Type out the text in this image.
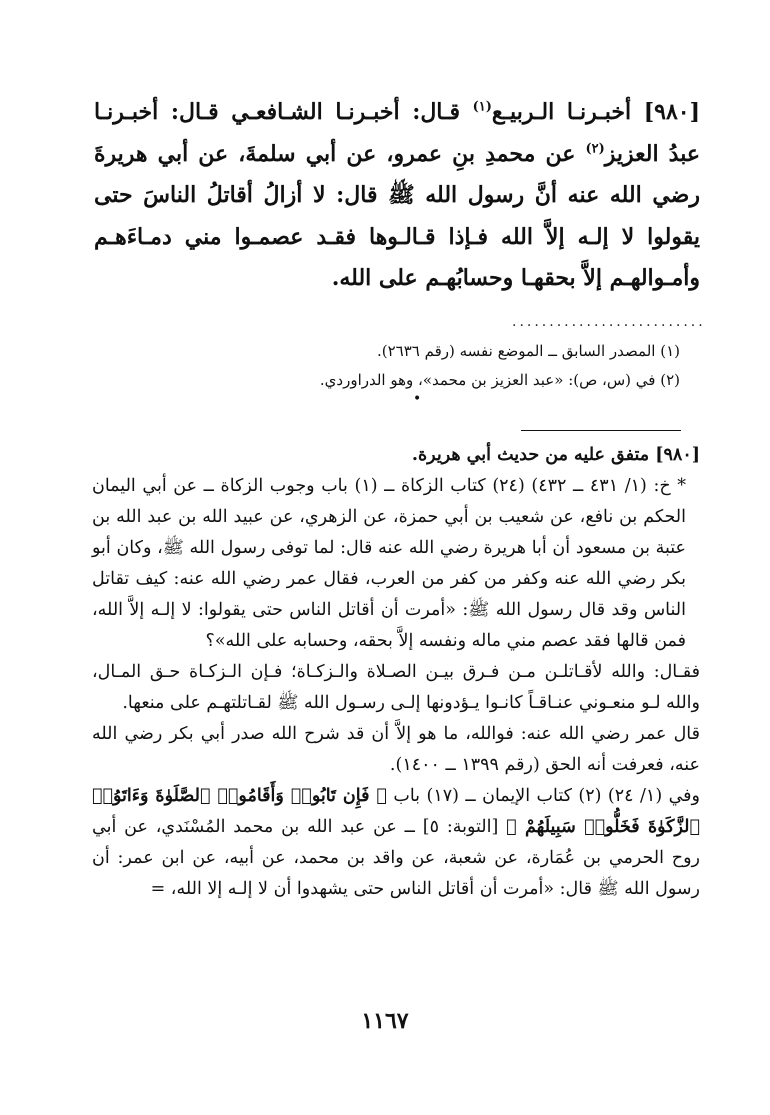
[٩٨٠] أخبـرنـا الـربيـع$^{(١)}$ قـال: أخبـرنـا الشـافعـي قـال: أخبـرنـا عبدُ العزيز$^{(٢)}$ عن محمدِ بنِ عمرو، عن أبي سلمةَ، عن أبي هريرةَ رضي الله عنه أنَّ رسول الله ﷺ قال: لا أزالُ أقاتلُ الناسَ حتى يقولوا لا إلـه إلاَّ الله فـإذا قـالـوها فقـد عصمـوا مني دمـاءَهـم وأمـوالهـم إلاَّ بحقهـا وحسابُهـم على الله.

..........................

(١) المصدر السابق ــ الموضع نفسه (رقم ٢٦٣٦).

(٢) في (س، ص): «عبد العزيز بن محمد»، وهو الدراوردي.

•

[٩٨٠] متفق عليه من حديث أبي هريرة.

* خ: (١/ ٤٣١ ــ ٤٣٢) (٢٤) كتاب الزكاة ــ (١) باب وجوب الزكاة ــ عن أبي اليمان الحكم بن نافع، عن شعيب بن أبي حمزة، عن الزهري، عن عبيد الله بن عبد الله بن عتبة بن مسعود أن أبا هريرة رضي الله عنه قال: لما توفى رسول الله ﷺ، وكان أبو بكر رضي الله عنه وكفر من كفر من العرب، فقال عمر رضي الله عنه: كيف تقاتل الناس وقد قال رسول الله ﷺ: «أمرت أن أقاتل الناس حتى يقولوا: لا إلـه إلاَّ الله، فمن قالها فقد عصم مني ماله ونفسه إلاَّ بحقه، وحسابه على الله»؟

فقـال: والله لأقـاتلـن مـن فـرق بيـن الصـلاة والـزكـاة؛ فـإن الـزكـاة حـق المـال، والله لـو منعـوني عنـاقـاً كانـوا يـؤدونها إلـى رسـول الله ﷺ لقـاتلتهـم على منعها.

قال عمر رضي الله عنه: فوالله، ما هو إلاَّ أن قد شرح الله صدر أبي بكر رضي الله عنه، فعرفت أنه الحق (رقم ١٣٩٩ ــ ١٤٠٠).

وفي (١/ ٢٤) (٢) كتاب الإيمان ــ (١٧) باب ﴿ فَإِن تَابُوا۟ وَأَقَامُوا۟ ٱلصَّلَوٰةَ وَءَاتَوُا۟ ٱلزَّكَوٰةَ فَخَلُّوا۟ سَبِيلَهُمْ ﴾ [التوبة: ٥] ــ عن عبد الله بن محمد المُسْنَدي، عن أبي روح الحرمي بن عُمَارة، عن شعبة، عن واقد بن محمد، عن أبيه، عن ابن عمر: أن رسول الله ﷺ قال: «أمرت أن أقاتل الناس حتى يشهدوا أن لا إلـه إلا الله، =

١١٦٧
